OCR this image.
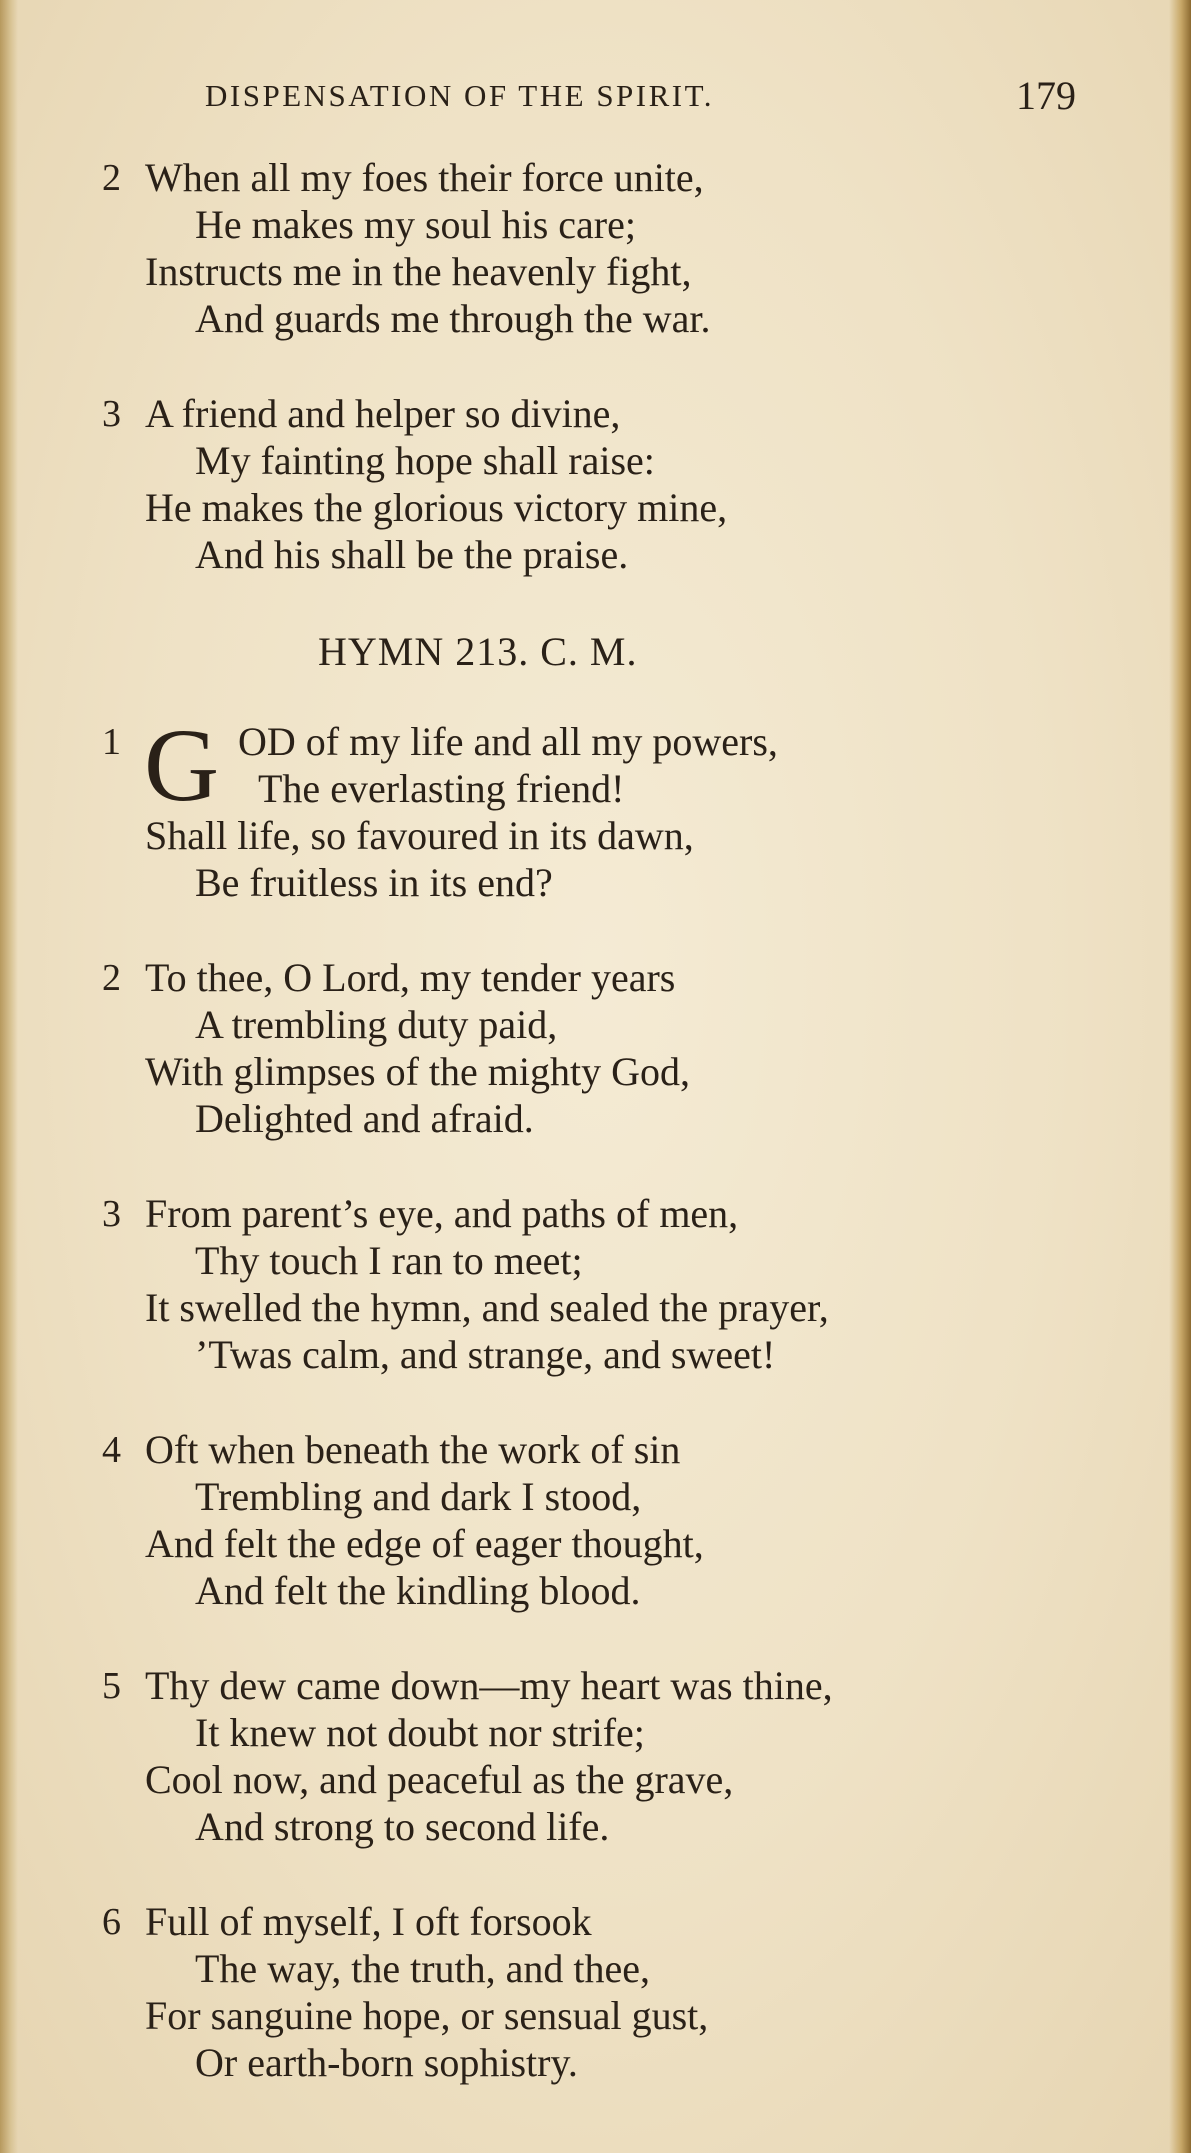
DISPENSATION OF THE SPIRIT.	179
2 When all my foes their force unite,
He makes my soul his care;
Instructs me in the heavenly fight,
And guards me through the war.
3 A friend and helper so divine,
My fainting hope shall raise:
He makes the glorious victory mine,
And his shall be the praise.
HYMN 213. C. M.
1 G OD of my life and all my powers,
The everlasting friend!
Shall life, so favoured in its dawn,
Be fruitless in its end?
2 To thee, O Lord, my tender years
A trembling duty paid,
With glimpses of the mighty God,
Delighted and afraid.
3 From parent’s eye, and paths of men,
Thy touch I ran to meet;
It swelled the hymn, and sealed the prayer,
’Twas calm, and strange, and sweet!
4 Oft when beneath the work of sin
Trembling and dark I stood,
And felt the edge of eager thought,
And felt the kindling blood.
5 Thy dew came down—my heart was thine,
It knew not doubt nor strife;
Cool now, and peaceful as the grave,
And strong to second life.
6 Full of myself, I oft forsook
The way, the truth, and thee,
For sanguine hope, or sensual gust,
Or earth-born sophistry.
